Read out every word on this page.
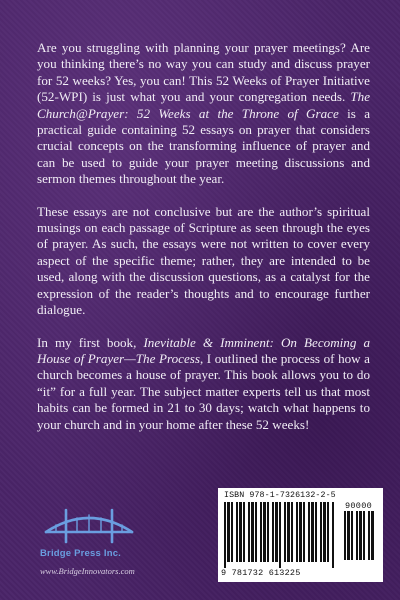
Are you struggling with planning your prayer meetings? Are you thinking there’s no way you can study and discuss prayer for 52 weeks? Yes, you can! This 52 Weeks of Prayer Initiative (52-WPI) is just what you and your congregation needs. The Church@Prayer: 52 Weeks at the Throne of Grace is a practical guide containing 52 essays on prayer that considers crucial concepts on the transforming influence of prayer and can be used to guide your prayer meeting discussions and sermon themes throughout the year.

These essays are not conclusive but are the author’s spiritual musings on each passage of Scripture as seen through the eyes of prayer. As such, the essays were not written to cover every aspect of the specific theme; rather, they are intended to be used, along with the discussion questions, as a catalyst for the expression of the reader’s thoughts and to encourage further dialogue.

In my first book, Inevitable & Imminent: On Becoming a House of Prayer—The Process, I outlined the process of how a church becomes a house of prayer. This book allows you to do “it” for a full year. The subject matter experts tell us that most habits can be formed in 21 to 30 days; watch what happens to your church and in your home after these 52 weeks!

Bridge Press Inc.
www.BridgeInnovators.com
ISBN 978-1-7326132-2-5
90000
9 781732 613225
